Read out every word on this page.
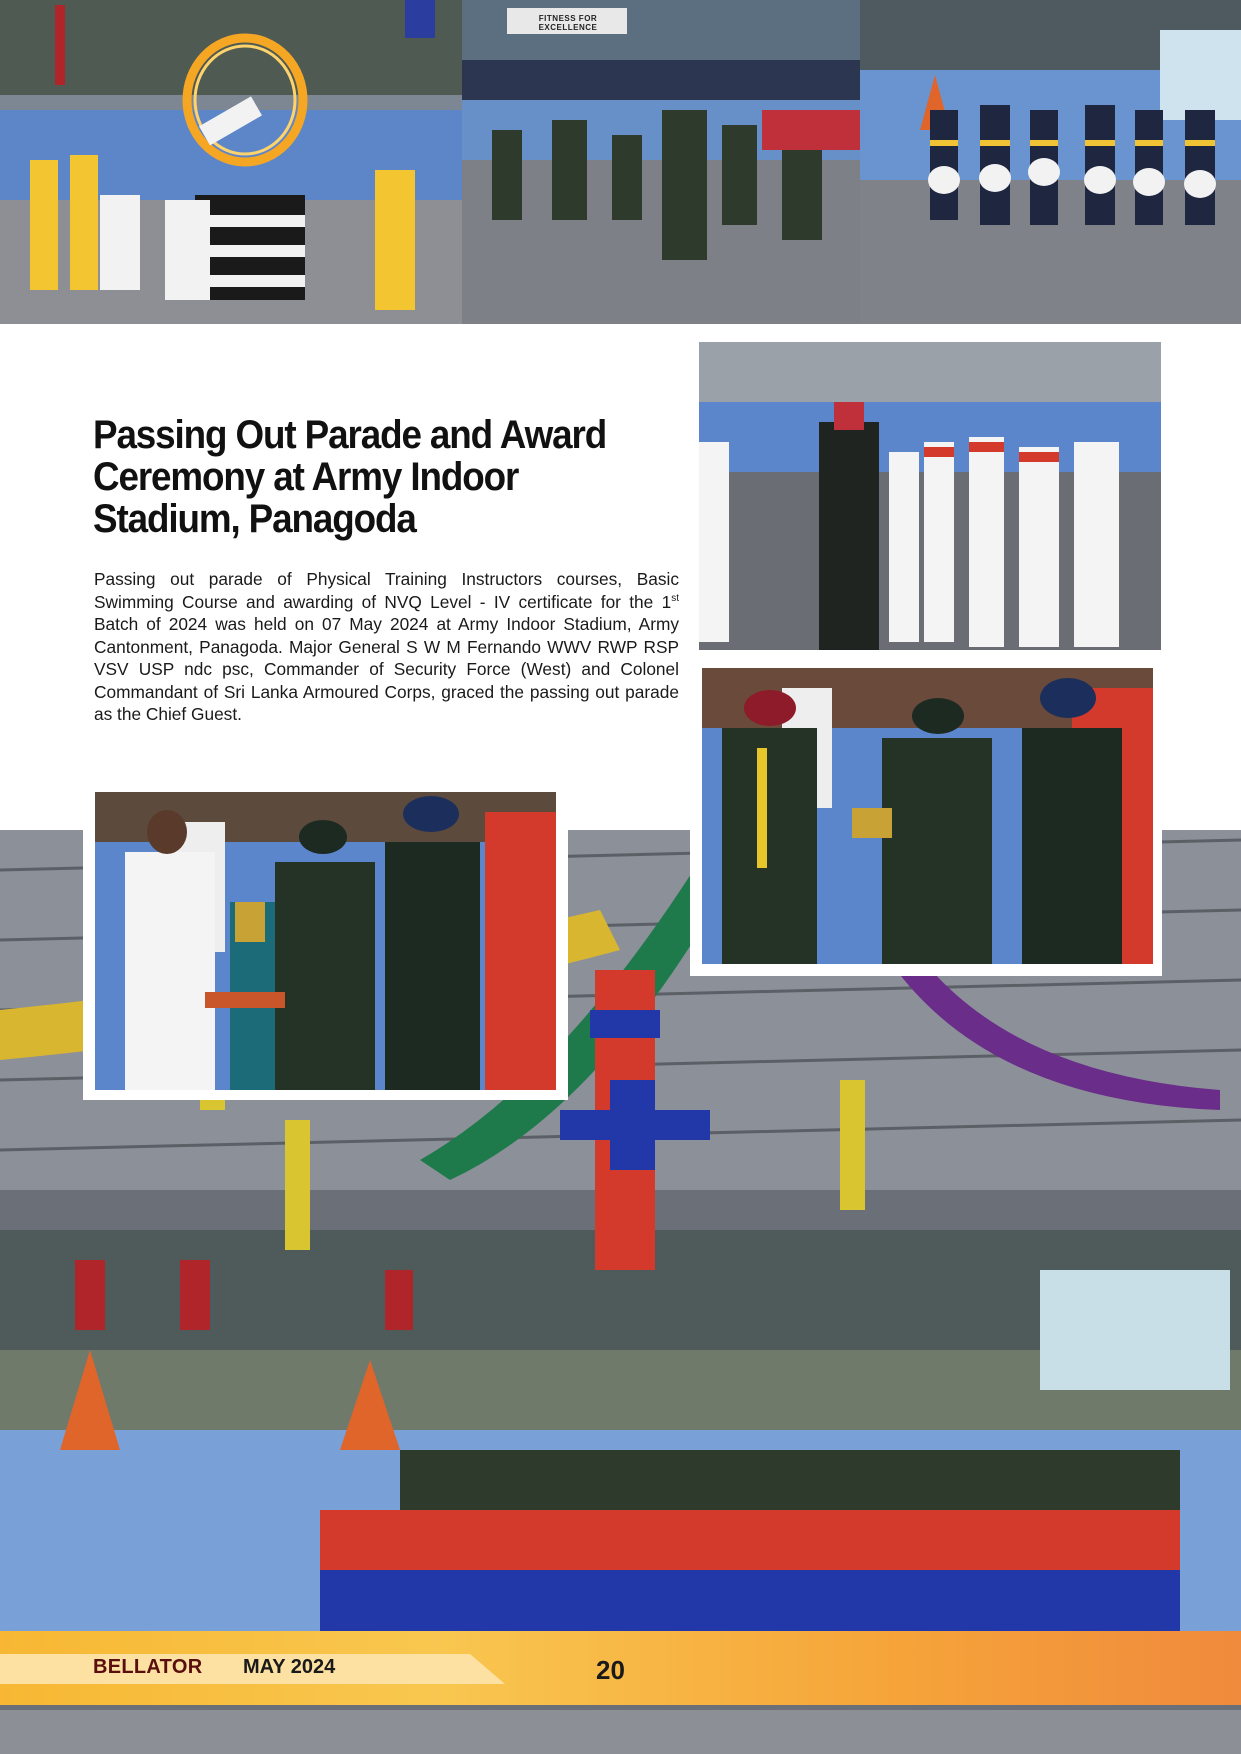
FITNESS FOR EXCELLENCE
Passing Out Parade and Award Ceremony at Army Indoor Stadium, Panagoda

Passing out parade of Physical Training Instructors courses, Basic Swimming Course and awarding of NVQ Level - IV certificate for the 1st Batch of 2024 was held on 07 May 2024 at Army Indoor Stadium, Army Cantonment, Panagoda. Major General S W M Fernando WWV RWP RSP VSV USP ndc psc, Commander of Security Force (West) and Colonel Commandant of Sri Lanka Armoured Corps, graced the passing out parade as the Chief Guest.

BELLATOR MAY 2024	20
